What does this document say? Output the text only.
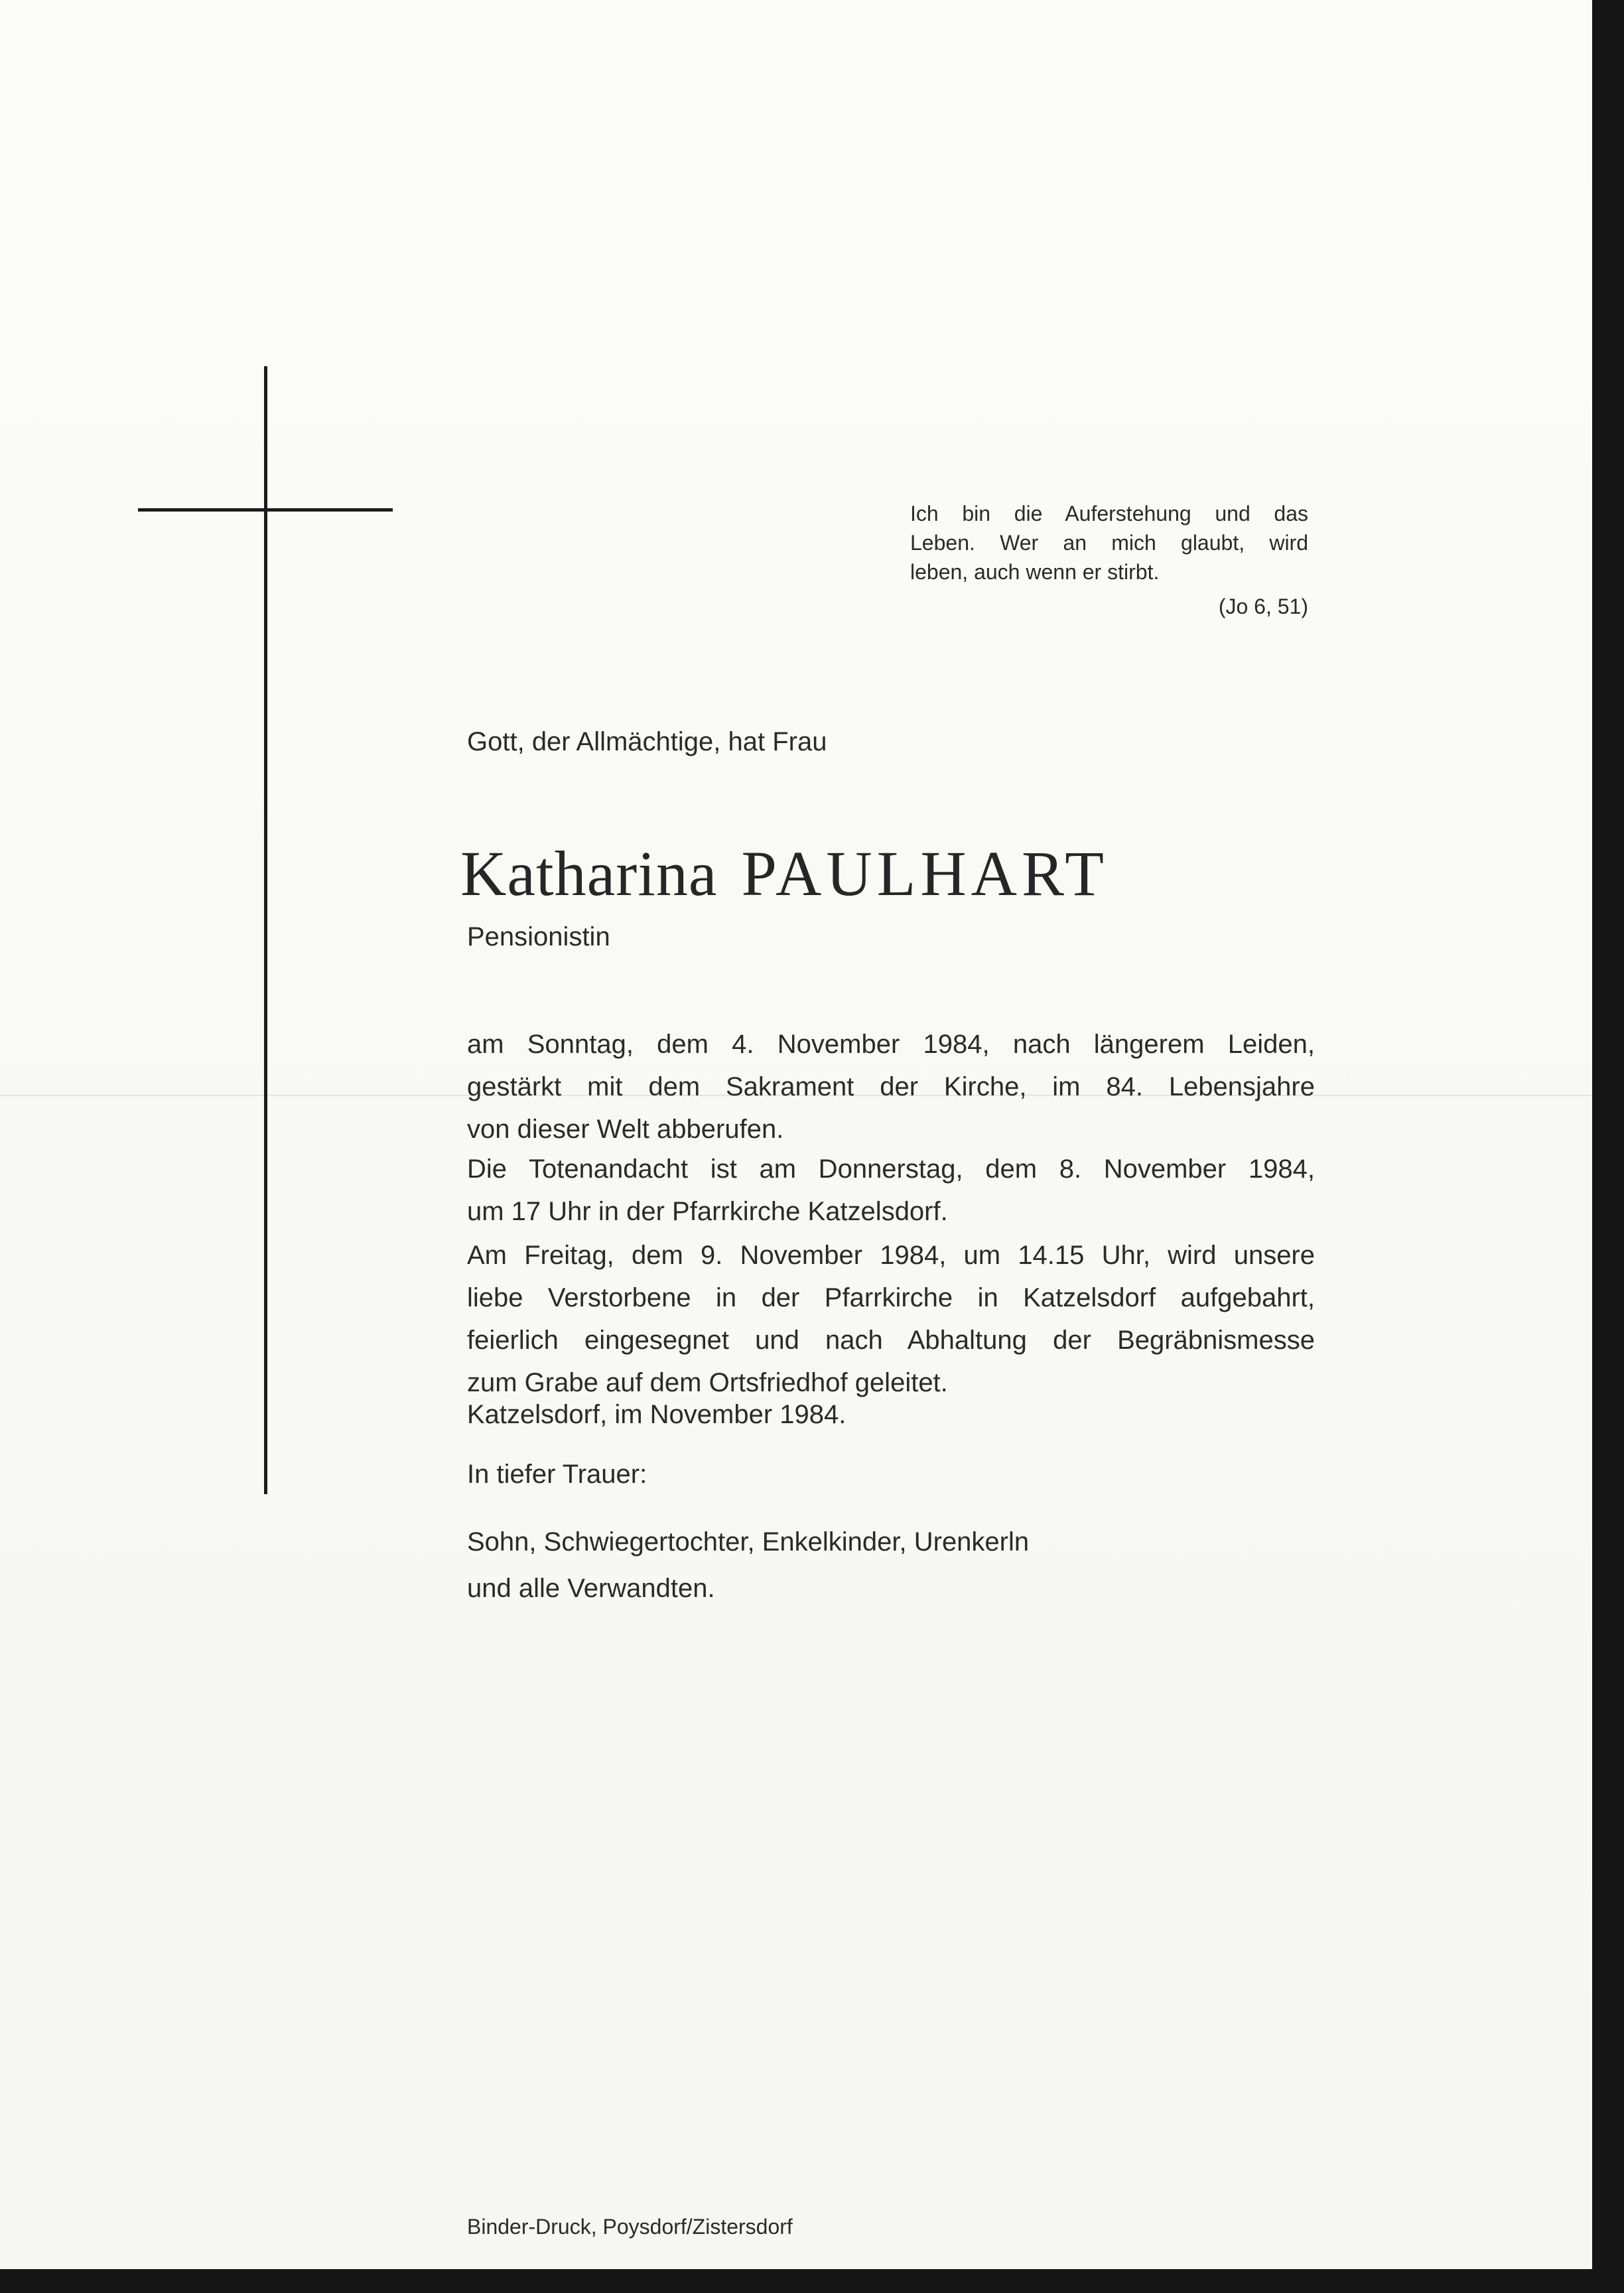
Ich bin die Auferstehung und das
Leben. Wer an mich glaubt, wird
leben, auch wenn er stirbt.
(Jo 6, 51)
Gott, der Allmächtige, hat Frau
Katharina PAULHART
Pensionistin
am Sonntag, dem 4. November 1984, nach längerem Leiden,
gestärkt mit dem Sakrament der Kirche, im 84. Lebensjahre
von dieser Welt abberufen.
Die Totenandacht ist am Donnerstag, dem 8. November 1984,
um 17 Uhr in der Pfarrkirche Katzelsdorf.
Am Freitag, dem 9. November 1984, um 14.15 Uhr, wird unsere
liebe Verstorbene in der Pfarrkirche in Katzelsdorf aufgebahrt,
feierlich eingesegnet und nach Abhaltung der Begräbnismesse
zum Grabe auf dem Ortsfriedhof geleitet.
Katzelsdorf, im November 1984.
In tiefer Trauer:
Sohn, Schwiegertochter, Enkelkinder, Urenkerln
und alle Verwandten.
Binder-Druck, Poysdorf/Zistersdorf
